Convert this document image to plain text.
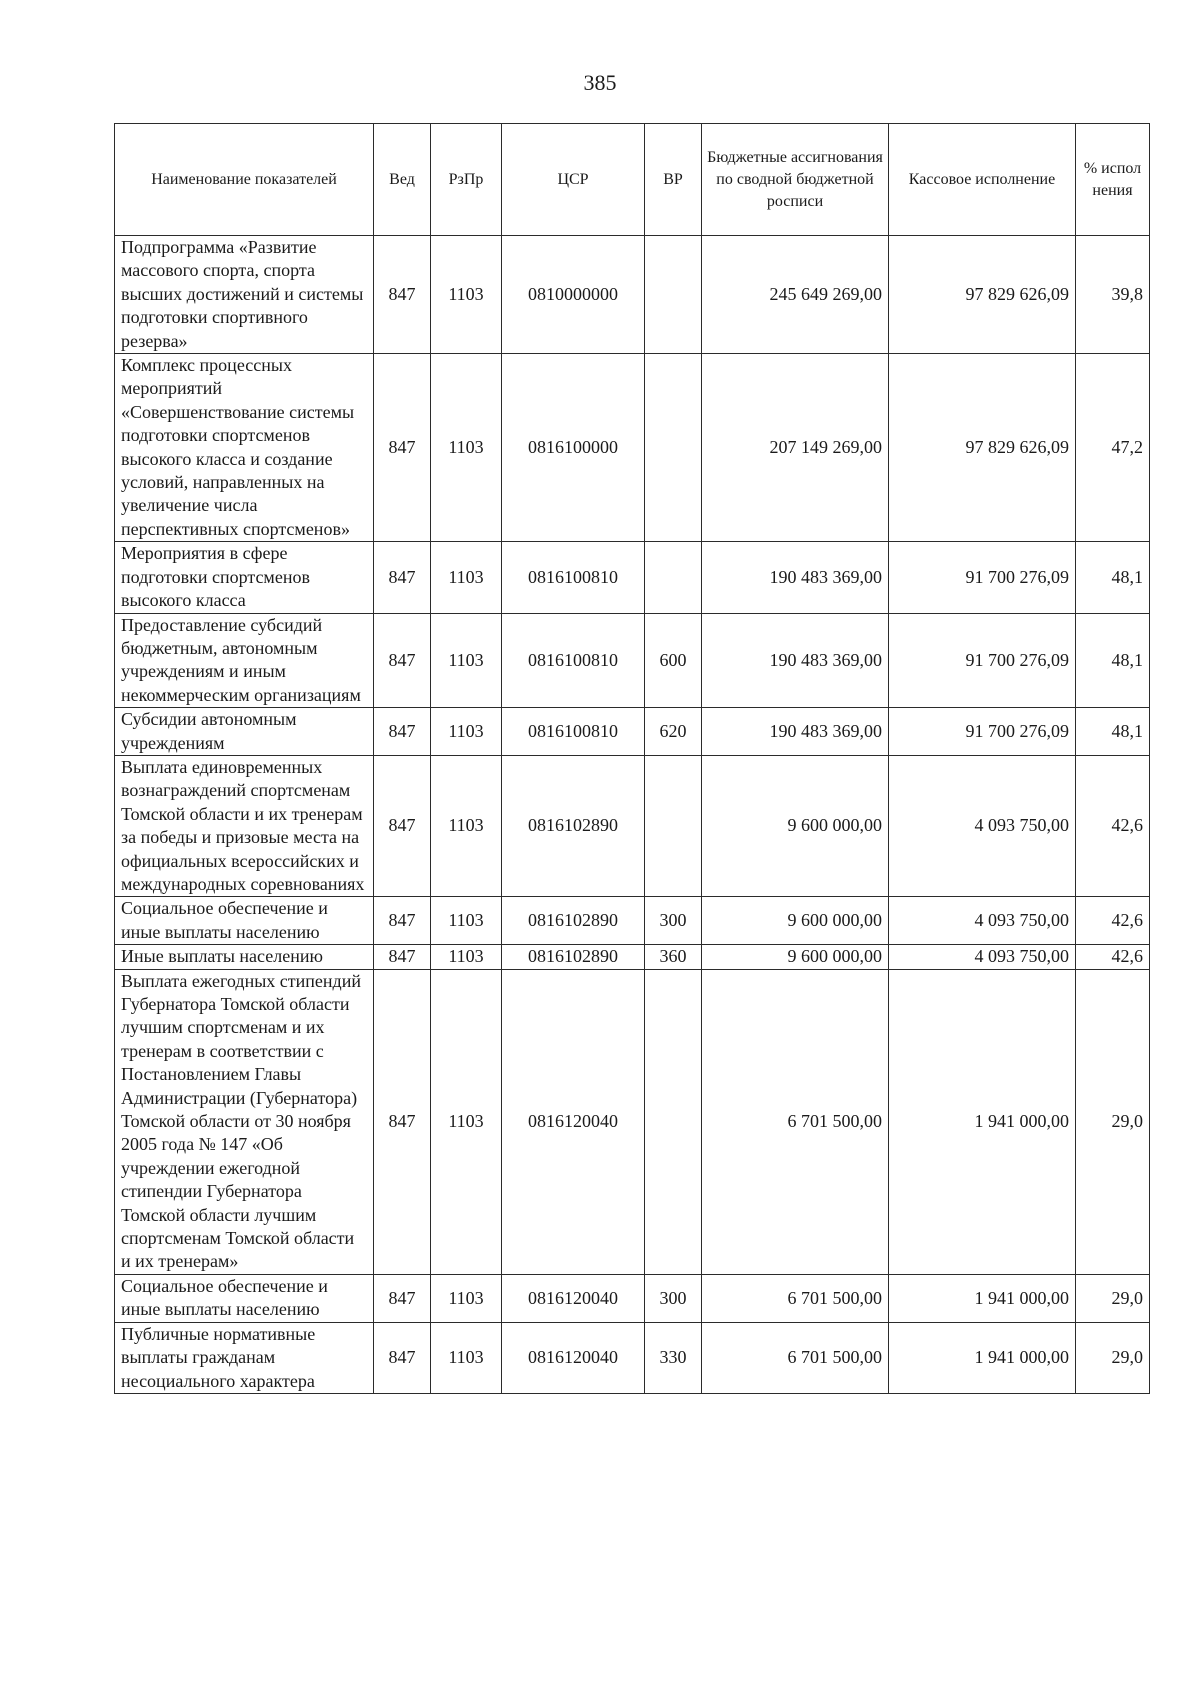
385
Наименование показателей	Вед	РзПр	ЦСР	ВР	Бюджетные ассигнования по сводной бюджетной росписи	Кассовое исполнение	% испол нения
Подпрограмма «Развитие массового спорта, спорта высших достижений и системы подготовки спортивного резерва»	847	1103	0810000000		245 649 269,00	97 829 626,09	39,8
Комплекс процессных мероприятий «Совершенствование системы подготовки спортсменов высокого класса и создание условий, направленных на увеличение числа перспективных спортсменов»	847	1103	0816100000		207 149 269,00	97 829 626,09	47,2
Мероприятия в сфере подготовки спортсменов высокого класса	847	1103	0816100810		190 483 369,00	91 700 276,09	48,1
Предоставление субсидий бюджетным, автономным учреждениям и иным некоммерческим организациям	847	1103	0816100810	600	190 483 369,00	91 700 276,09	48,1
Субсидии автономным учреждениям	847	1103	0816100810	620	190 483 369,00	91 700 276,09	48,1
Выплата единовременных вознаграждений спортсменам Томской области и их тренерам за победы и призовые места на официальных всероссийских и международных соревнованиях	847	1103	0816102890		9 600 000,00	4 093 750,00	42,6
Социальное обеспечение и иные выплаты населению	847	1103	0816102890	300	9 600 000,00	4 093 750,00	42,6
Иные выплаты населению	847	1103	0816102890	360	9 600 000,00	4 093 750,00	42,6
Выплата ежегодных стипендий Губернатора Томской области лучшим спортсменам и их тренерам в соответствии с Постановлением Главы Администрации (Губернатора) Томской области от 30 ноября 2005 года № 147 «Об учреждении ежегодной стипендии Губернатора Томской области лучшим спортсменам Томской области и их тренерам»	847	1103	0816120040		6 701 500,00	1 941 000,00	29,0
Социальное обеспечение и иные выплаты населению	847	1103	0816120040	300	6 701 500,00	1 941 000,00	29,0
Публичные нормативные выплаты гражданам несоциального характера	847	1103	0816120040	330	6 701 500,00	1 941 000,00	29,0
